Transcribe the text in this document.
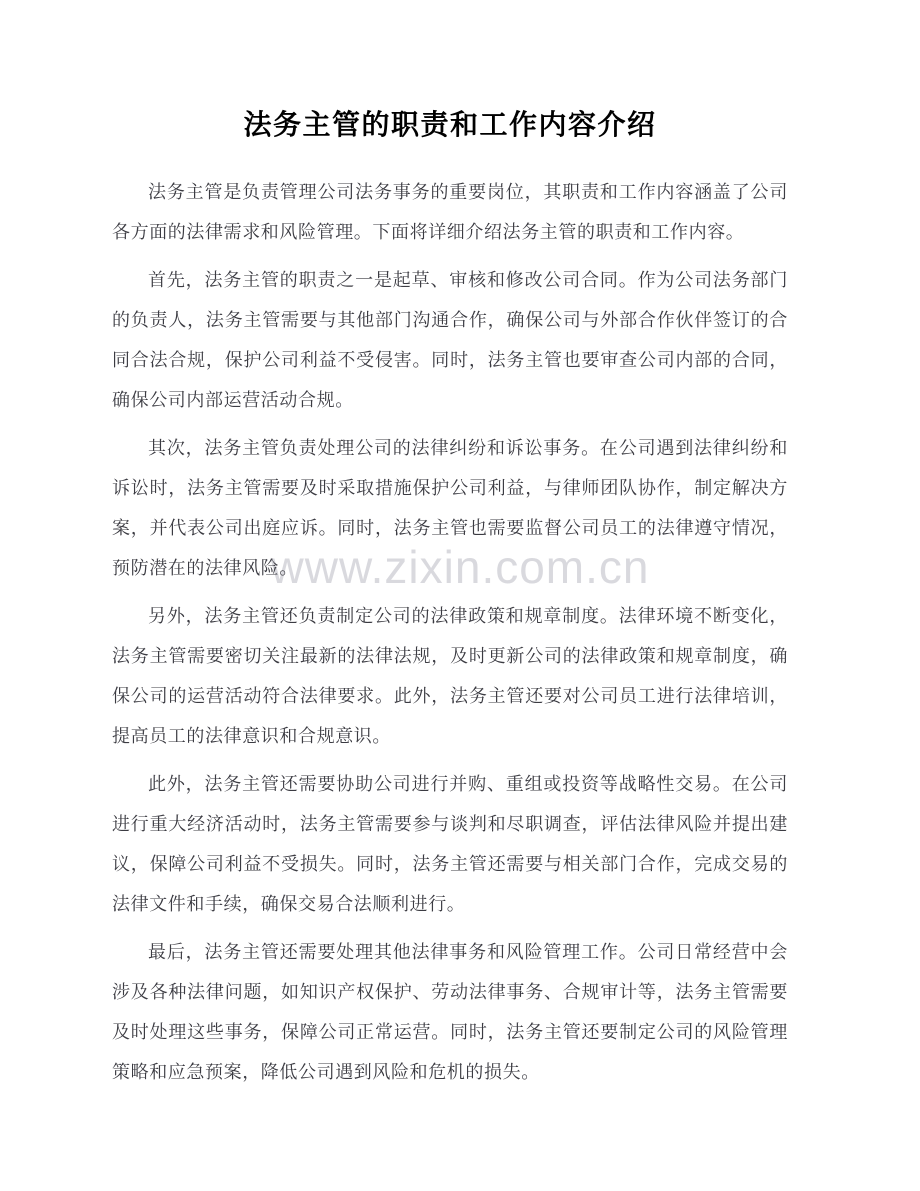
www.zixin.com.cn
法务主管的职责和工作内容介绍

法务主管是负责管理公司法务事务的重要岗位，其职责和工作内容涵盖了公司各方面的法律需求和风险管理。下面将详细介绍法务主管的职责和工作内容。

首先，法务主管的职责之一是起草、审核和修改公司合同。作为公司法务部门的负责人，法务主管需要与其他部门沟通合作，确保公司与外部合作伙伴签订的合同合法合规，保护公司利益不受侵害。同时，法务主管也要审查公司内部的合同，确保公司内部运营活动合规。

其次，法务主管负责处理公司的法律纠纷和诉讼事务。在公司遇到法律纠纷和诉讼时，法务主管需要及时采取措施保护公司利益，与律师团队协作，制定解决方案，并代表公司出庭应诉。同时，法务主管也需要监督公司员工的法律遵守情况，预防潜在的法律风险。

另外，法务主管还负责制定公司的法律政策和规章制度。法律环境不断变化，法务主管需要密切关注最新的法律法规，及时更新公司的法律政策和规章制度，确保公司的运营活动符合法律要求。此外，法务主管还要对公司员工进行法律培训，提高员工的法律意识和合规意识。

此外，法务主管还需要协助公司进行并购、重组或投资等战略性交易。在公司进行重大经济活动时，法务主管需要参与谈判和尽职调查，评估法律风险并提出建议，保障公司利益不受损失。同时，法务主管还需要与相关部门合作，完成交易的法律文件和手续，确保交易合法顺利进行。

最后，法务主管还需要处理其他法律事务和风险管理工作。公司日常经营中会涉及各种法律问题，如知识产权保护、劳动法律事务、合规审计等，法务主管需要及时处理这些事务，保障公司正常运营。同时，法务主管还要制定公司的风险管理策略和应急预案，降低公司遇到风险和危机的损失。
